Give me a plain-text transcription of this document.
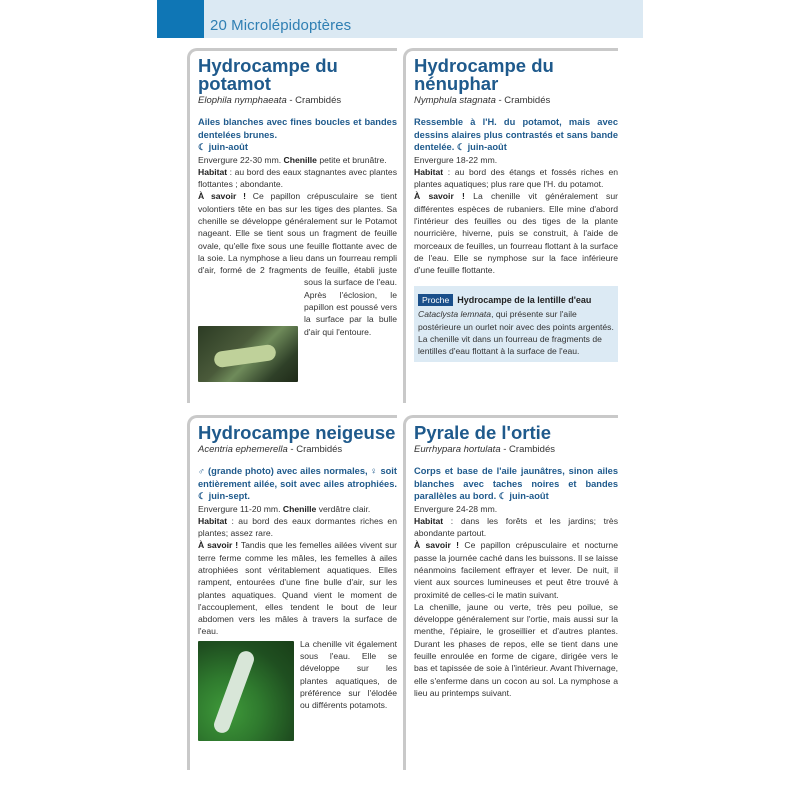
20 Microlépidoptères
Hydrocampe du potamot
Elophila nymphaeata - Crambidés
Ailes blanches avec fines boucles et bandes dentelées brunes.
☾ juin-août
Envergure 22-30 mm. Chenille petite et brunâtre.
Habitat : au bord des eaux stagnantes avec plantes flottantes ; abondante.
À savoir ! Ce papillon crépusculaire se tient volontiers tête en bas sur les tiges des plantes. Sa chenille se développe généralement sur le Potamot nageant. Elle se tient sous un fragment de feuille ovale, qu'elle fixe sous une feuille flottante avec de la soie. La nymphose a lieu dans un fourreau rempli d'air, formé de 2 fragments de feuille, établi juste sous
la surface de l'eau. Après l'éclosion, le papillon est poussé vers la surface par la bulle d'air qui l'entoure.
Hydrocampe du nénuphar
Nymphula stagnata - Crambidés
Ressemble à l'H. du potamot, mais avec dessins alaires plus contrastés et sans bande dentelée. ☾ juin-août
Envergure 18-22 mm.
Habitat : au bord des étangs et fossés riches en plantes aquatiques; plus rare que l'H. du potamot.
À savoir ! La chenille vit généralement sur différentes espèces de rubaniers. Elle mine d'abord l'intérieur des feuilles ou des tiges de la plante nourricière, hiverne, puis se construit, à l'aide de morceaux de feuilles, un fourreau flottant à la surface de l'eau. Elle se nymphose sur la face inférieure d'une feuille flottante.
Proche Hydrocampe de la lentille d'eau
Cataclysta lemnata, qui présente sur l'aile postérieure un ourlet noir avec des points argentés. La chenille vit dans un fourreau de fragments de lentilles d'eau flottant à la surface de l'eau.
Hydrocampe neigeuse
Acentria ephemerella - Crambidés
♂ (grande photo) avec ailes normales, ♀ soit entièrement ailée, soit avec ailes atrophiées. ☾ juin-sept.
Envergure 11-20 mm. Chenille verdâtre clair.
Habitat : au bord des eaux dormantes riches en plantes; assez rare.
À savoir ! Tandis que les femelles ailées vivent sur terre ferme comme les mâles, les femelles à ailes atrophiées sont véritablement aquatiques. Elles rampent, entourées d'une fine bulle d'air, sur les plantes aquatiques. Quand vient le moment de l'accouplement, elles tendent le bout de leur abdomen vers les mâles à travers la surface de l'eau.
La chenille vit également sous l'eau. Elle se développe sur les plantes aquatiques, de préférence sur l'élodée ou différents potamots.
Pyrale de l'ortie
Eurrhypara hortulata - Crambidés
Corps et base de l'aile jaunâtres, sinon ailes blanches avec taches noires et bandes parallèles au bord. ☾ juin-août
Envergure 24-28 mm.
Habitat : dans les forêts et les jardins; très abondante partout.
À savoir ! Ce papillon crépusculaire et nocturne passe la journée caché dans les buissons. Il se laisse néanmoins facilement effrayer et lever. De nuit, il vient aux sources lumineuses et peut être trouvé à proximité de celles-ci le matin suivant.
La chenille, jaune ou verte, très peu poilue, se développe généralement sur l'ortie, mais aussi sur la menthe, l'épiaire, le groseillier et d'autres plantes. Durant les phases de repos, elle se tient dans une feuille enroulée en forme de cigare, dirigée vers le bas et tapissée de soie à l'intérieur. Avant l'hivernage, elle s'enferme dans un cocon au sol. La nymphose a lieu au printemps suivant.
